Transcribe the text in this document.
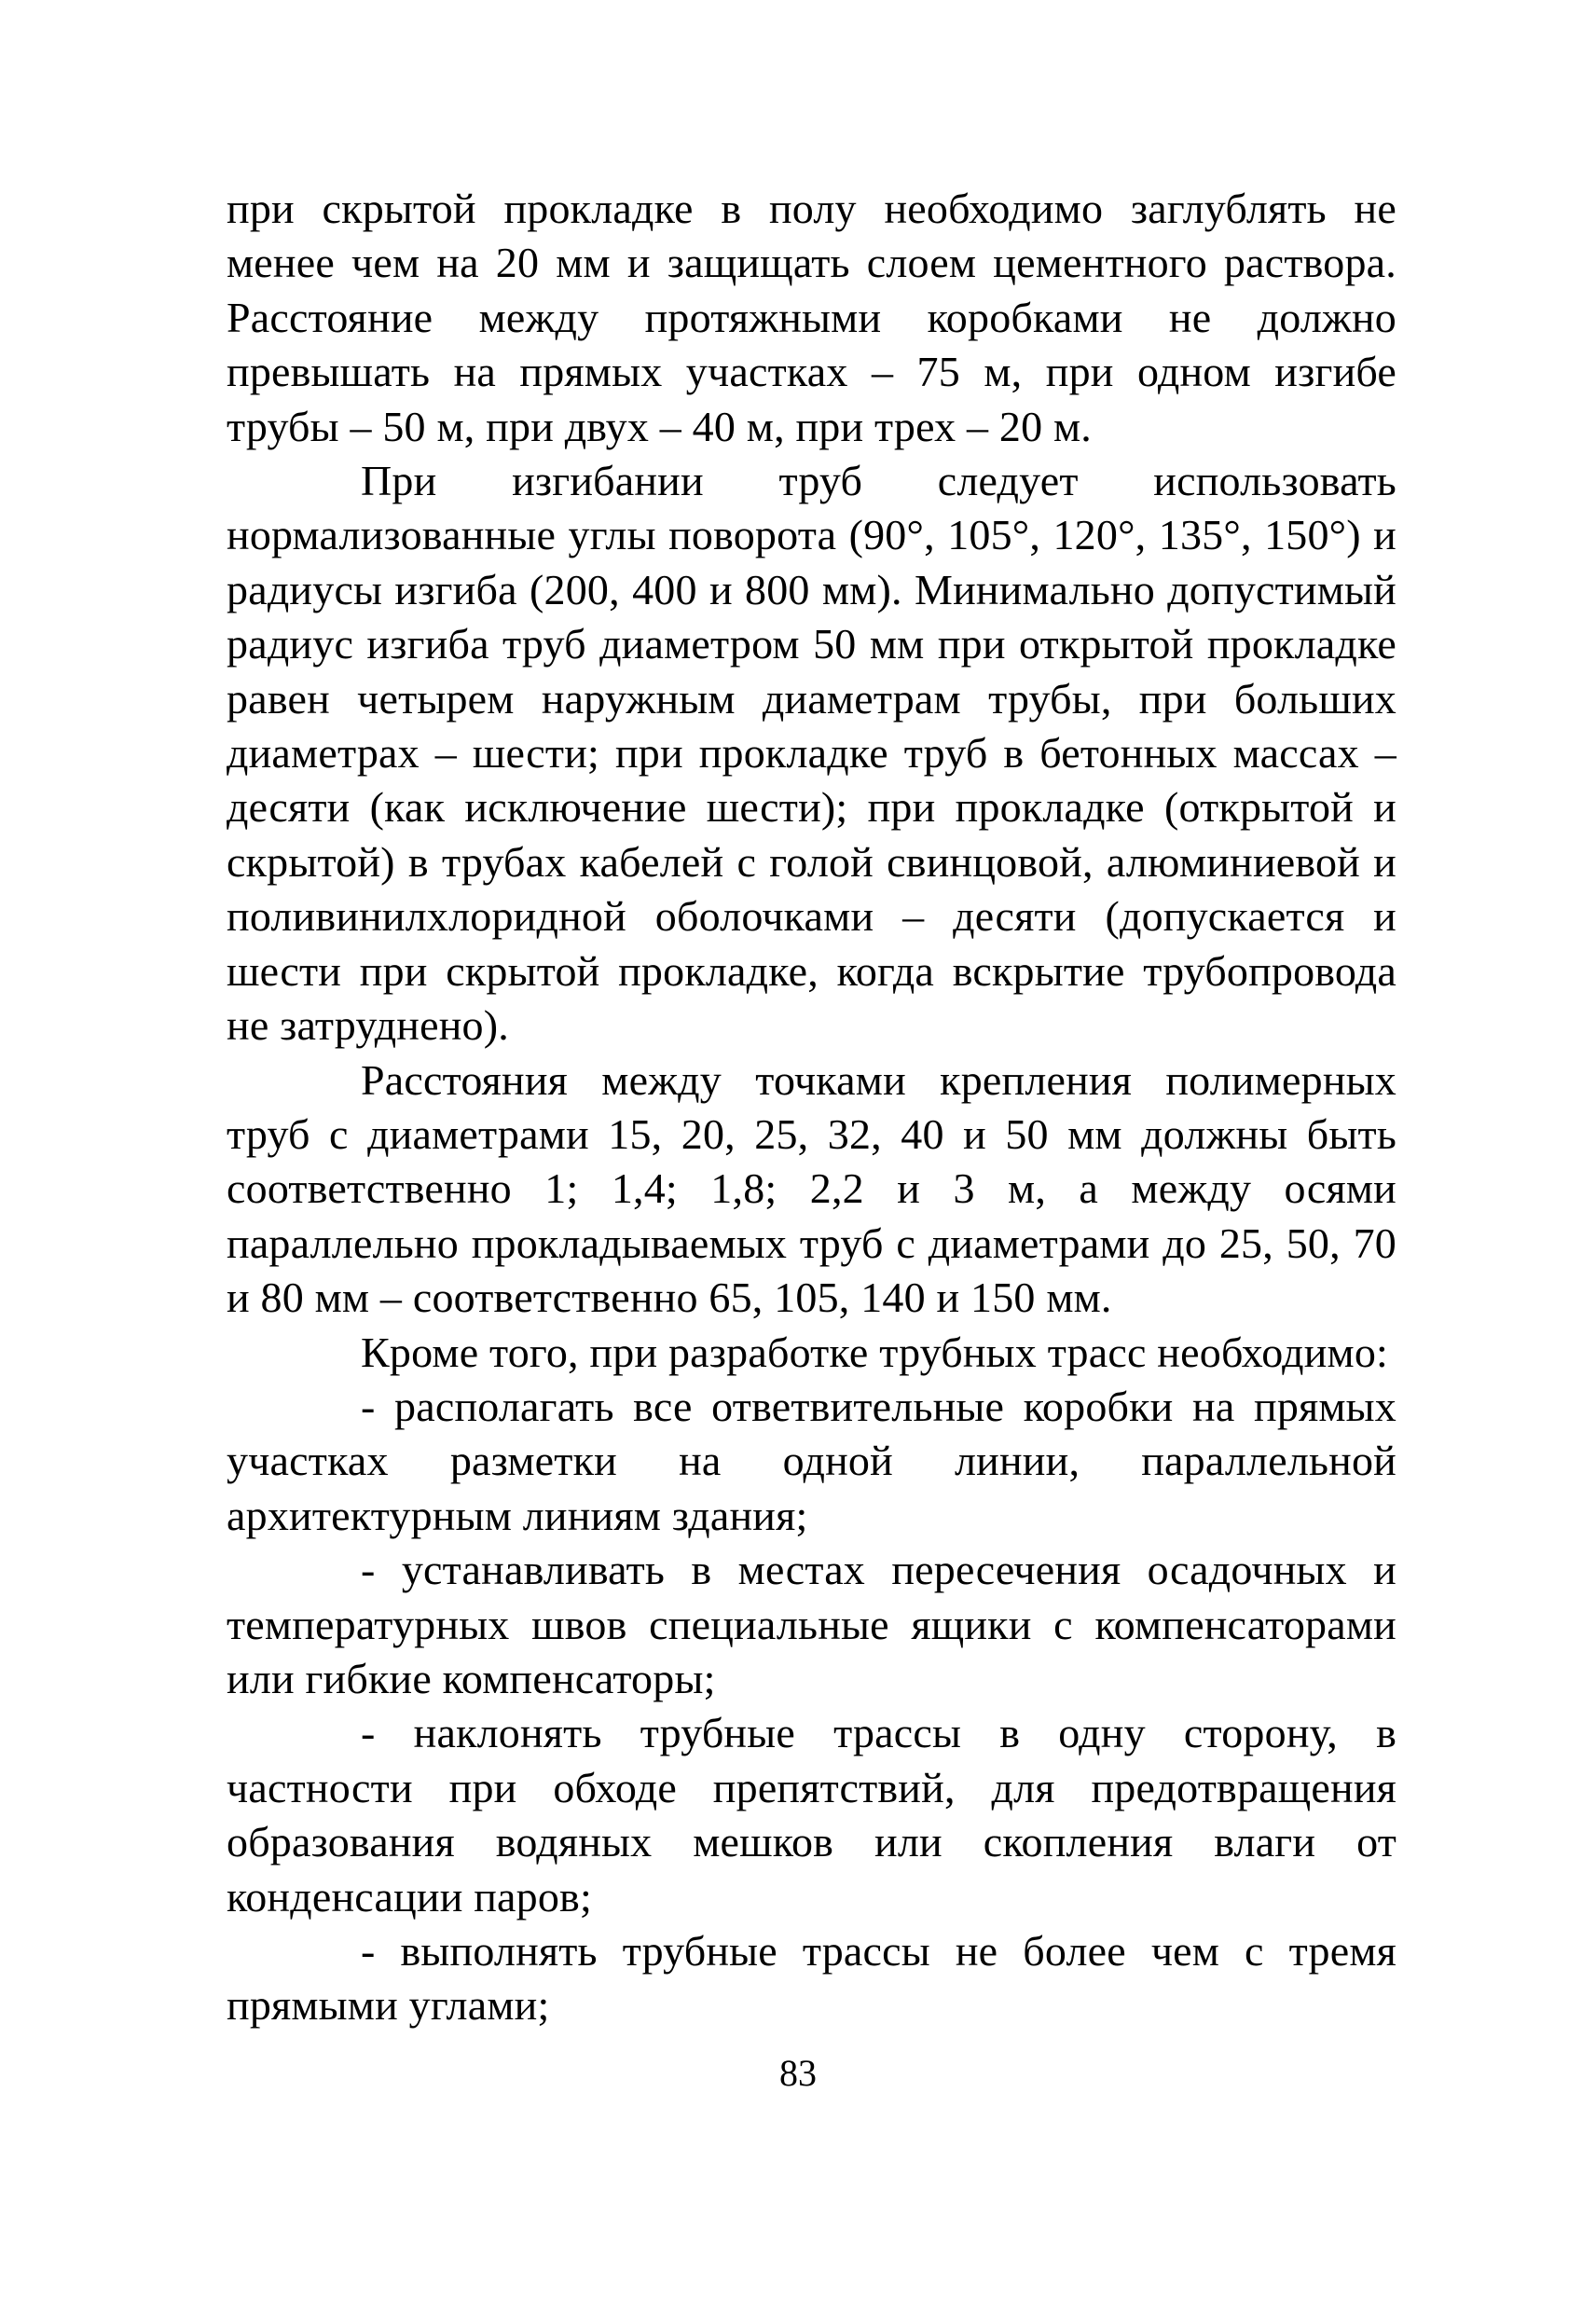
при скрытой прокладке в полу необходимо заглублять не менее чем на 20 мм и защищать слоем цементного раствора. Расстояние между протяжными коробками не должно превышать на прямых участках – 75 м, при одном изгибе трубы – 50 м, при двух – 40 м, при трех – 20 м.

При изгибании труб следует использовать нормализованные углы поворота (90°, 105°, 120°, 135°, 150°) и радиусы изгиба (200, 400 и 800 мм). Минимально допустимый радиус изгиба труб диаметром 50 мм при открытой прокладке равен четырем наружным диаметрам трубы, при больших диаметрах – шести; при прокладке труб в бетонных массах – десяти (как исключение шести); при прокладке (открытой и скрытой) в трубах кабелей с голой свинцовой, алюминиевой и поливинилхлоридной оболочками – десяти (допускается и шести при скрытой прокладке, когда вскрытие трубопровода не затруднено).

Расстояния между точками крепления полимерных труб с диаметрами 15, 20, 25, 32, 40 и 50 мм должны быть соответственно 1; 1,4; 1,8; 2,2 и 3 м, а между осями параллельно прокладываемых труб с диаметрами до 25, 50, 70 и 80 мм – соответственно 65, 105, 140 и 150 мм.

Кроме того, при разработке трубных трасс необходимо:

- располагать все ответвительные коробки на прямых участках разметки на одной линии, параллельной архитектурным линиям здания;

- устанавливать в местах пересечения осадочных и температурных швов специальные ящики с компенсаторами или гибкие компенсаторы;

- наклонять трубные трассы в одну сторону, в частности при обходе препятствий, для предотвращения образования водяных мешков или скопления влаги от конденсации паров;

- выполнять трубные трассы не более чем с тремя прямыми углами;

83
